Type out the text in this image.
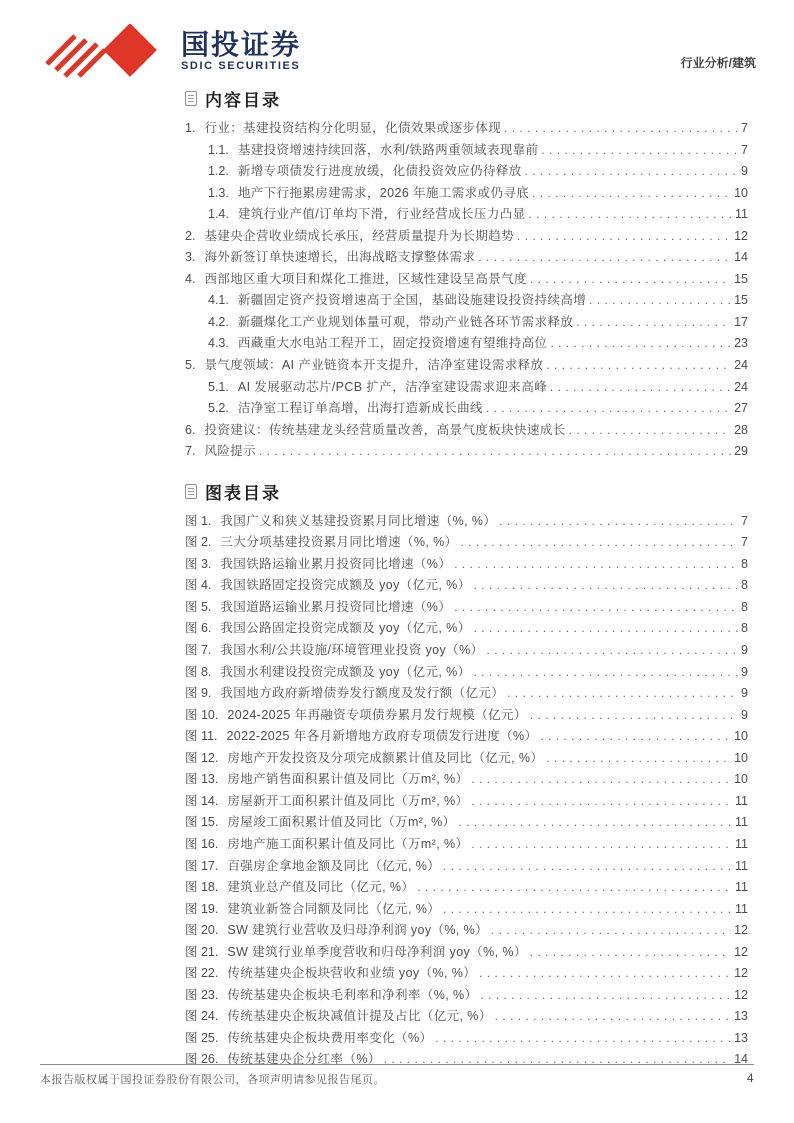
国投证券
SDIC SECURITIES	行业分析/建筑
内容目录
1. 行业：基建投资结构分化明显，化债效果或逐步体现 .....	7
1.1. 基建投资增速持续回落，水利/铁路两重领域表现靠前 .....	7
1.2. 新增专项债发行进度放缓，化债投资效应仍待释放 .....	9
1.3. 地产下行拖累房建需求，2026 年施工需求或仍寻底 .....	10
1.4. 建筑行业产值/订单均下滑，行业经营成长压力凸显 .....	11
2. 基建央企营收业绩成长承压，经营质量提升为长期趋势 .....	12
3. 海外新签订单快速增长，出海战略支撑整体需求 .....	14
4. 西部地区重大项目和煤化工推进，区域性建设呈高景气度 .....	15
4.1. 新疆固定资产投资增速高于全国，基础设施建设投资持续高增 .....	15
4.2. 新疆煤化工产业规划体量可观，带动产业链各环节需求释放 .....	17
4.3. 西藏重大水电站工程开工，固定投资增速有望维持高位 .....	23
5. 景气度领域：AI 产业链资本开支提升，洁净室建设需求释放 .....	24
5.1. AI 发展驱动芯片/PCB 扩产，洁净室建设需求迎来高峰 .....	24
5.2. 洁净室工程订单高增，出海打造新成长曲线 .....	27
6. 投资建议：传统基建龙头经营质量改善，高景气度板块快速成长 .....	28
7. 风险提示 .....	29
图表目录
图 1. 我国广义和狭义基建投资累月同比增速（%, %） .....	7
图 2. 三大分项基建投资累月同比增速（%, %） .....	7
图 3. 我国铁路运输业累月投资同比增速（%） .....	8
图 4. 我国铁路固定投资完成额及 yoy（亿元, %） .....	8
图 5. 我国道路运输业累月投资同比增速（%） .....	8
图 6. 我国公路固定投资完成额及 yoy（亿元, %） .....	8
图 7. 我国水利/公共设施/环境管理业投资 yoy（%） .....	9
图 8. 我国水利建设投资完成额及 yoy（亿元, %） .....	9
图 9. 我国地方政府新增债券发行额度及发行额（亿元） .....	9
图 10. 2024-2025 年再融资专项债券累月发行规模（亿元） .....	9
图 11. 2022-2025 年各月新增地方政府专项债发行进度（%） .....	10
图 12. 房地产开发投资及分项完成额累计值及同比（亿元, %） .....	10
图 13. 房地产销售面积累计值及同比（万m², %） .....	10
图 14. 房屋新开工面积累计值及同比（万m², %） .....	11
图 15. 房屋竣工面积累计值及同比（万m², %） .....	11
图 16. 房地产施工面积累计值及同比（万m², %） .....	11
图 17. 百强房企拿地金额及同比（亿元, %） .....	11
图 18. 建筑业总产值及同比（亿元, %） .....	11
图 19. 建筑业新签合同额及同比（亿元, %） .....	11
图 20. SW 建筑行业营收及归母净利润 yoy（%, %） .....	12
图 21. SW 建筑行业单季度营收和归母净利润 yoy（%, %） .....	12
图 22. 传统基建央企板块营收和业绩 yoy（%, %） .....	12
图 23. 传统基建央企板块毛利率和净利率（%, %） .....	12
图 24. 传统基建央企板块减值计提及占比（亿元, %） .....	13
图 25. 传统基建央企板块费用率变化（%） .....	13
图 26. 传统基建央企分红率（%） .....	14
本报告版权属于国投证券股份有限公司，各项声明请参见报告尾页。	4
